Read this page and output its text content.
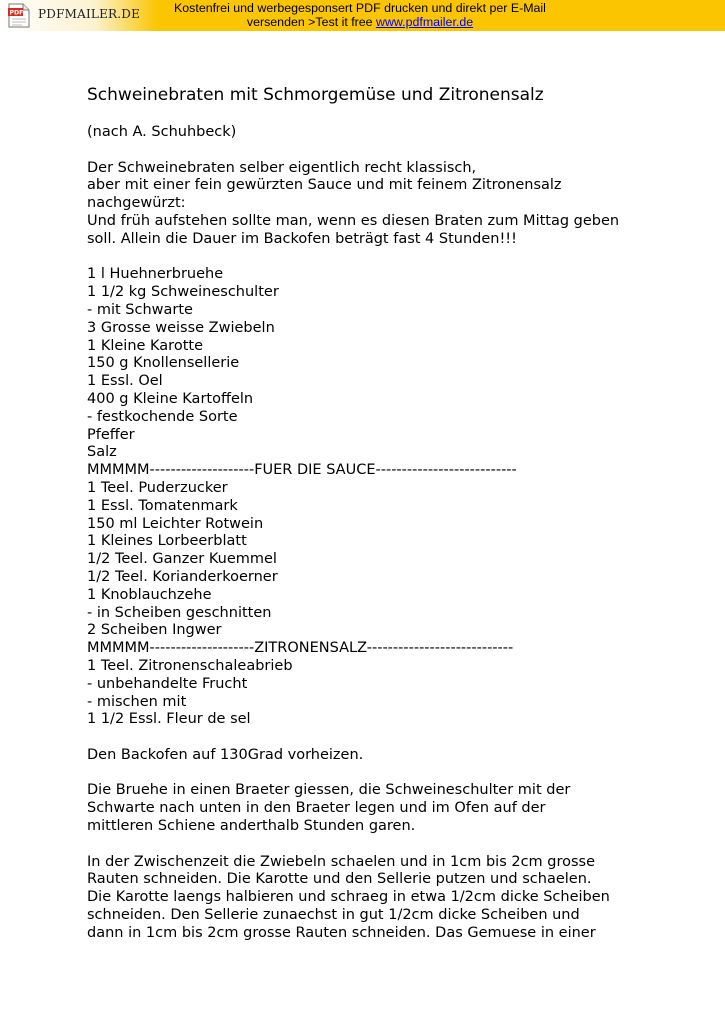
PDF PDFMAILER.DE	Kostenfrei und werbegesponsert PDF drucken und direkt per E-Mail
versenden >Test it free www.pdfmailer.de
Schweinebraten mit Schmorgemüse und Zitronensalz
(nach A. Schuhbeck)
Der Schweinebraten selber eigentlich recht klassisch,
aber mit einer fein gewürzten Sauce und mit feinem Zitronensalz
nachgewürzt:
Und früh aufstehen sollte man, wenn es diesen Braten zum Mittag geben
soll. Allein die Dauer im Backofen beträgt fast 4 Stunden!!!
1 l Huehnerbruehe
1 1/2 kg Schweineschulter
- mit Schwarte
3 Grosse weisse Zwiebeln
1 Kleine Karotte
150 g Knollensellerie
1 Essl. Oel
400 g Kleine Kartoffeln
- festkochende Sorte
Pfeffer
Salz
MMMMM--------------------FUER DIE SAUCE---------------------------
1 Teel. Puderzucker
1 Essl. Tomatenmark
150 ml Leichter Rotwein
1 Kleines Lorbeerblatt
1/2 Teel. Ganzer Kuemmel
1/2 Teel. Korianderkoerner
1 Knoblauchzehe
- in Scheiben geschnitten
2 Scheiben Ingwer
MMMMM--------------------ZITRONENSALZ----------------------------
1 Teel. Zitronenschaleabrieb
- unbehandelte Frucht
- mischen mit
1 1/2 Essl. Fleur de sel
Den Backofen auf 130Grad vorheizen.
Die Bruehe in einen Braeter giessen, die Schweineschulter mit der
Schwarte nach unten in den Braeter legen und im Ofen auf der
mittleren Schiene anderthalb Stunden garen.
In der Zwischenzeit die Zwiebeln schaelen und in 1cm bis 2cm grosse
Rauten schneiden. Die Karotte und den Sellerie putzen und schaelen.
Die Karotte laengs halbieren und schraeg in etwa 1/2cm dicke Scheiben
schneiden. Den Sellerie zunaechst in gut 1/2cm dicke Scheiben und
dann in 1cm bis 2cm grosse Rauten schneiden. Das Gemuese in einer
